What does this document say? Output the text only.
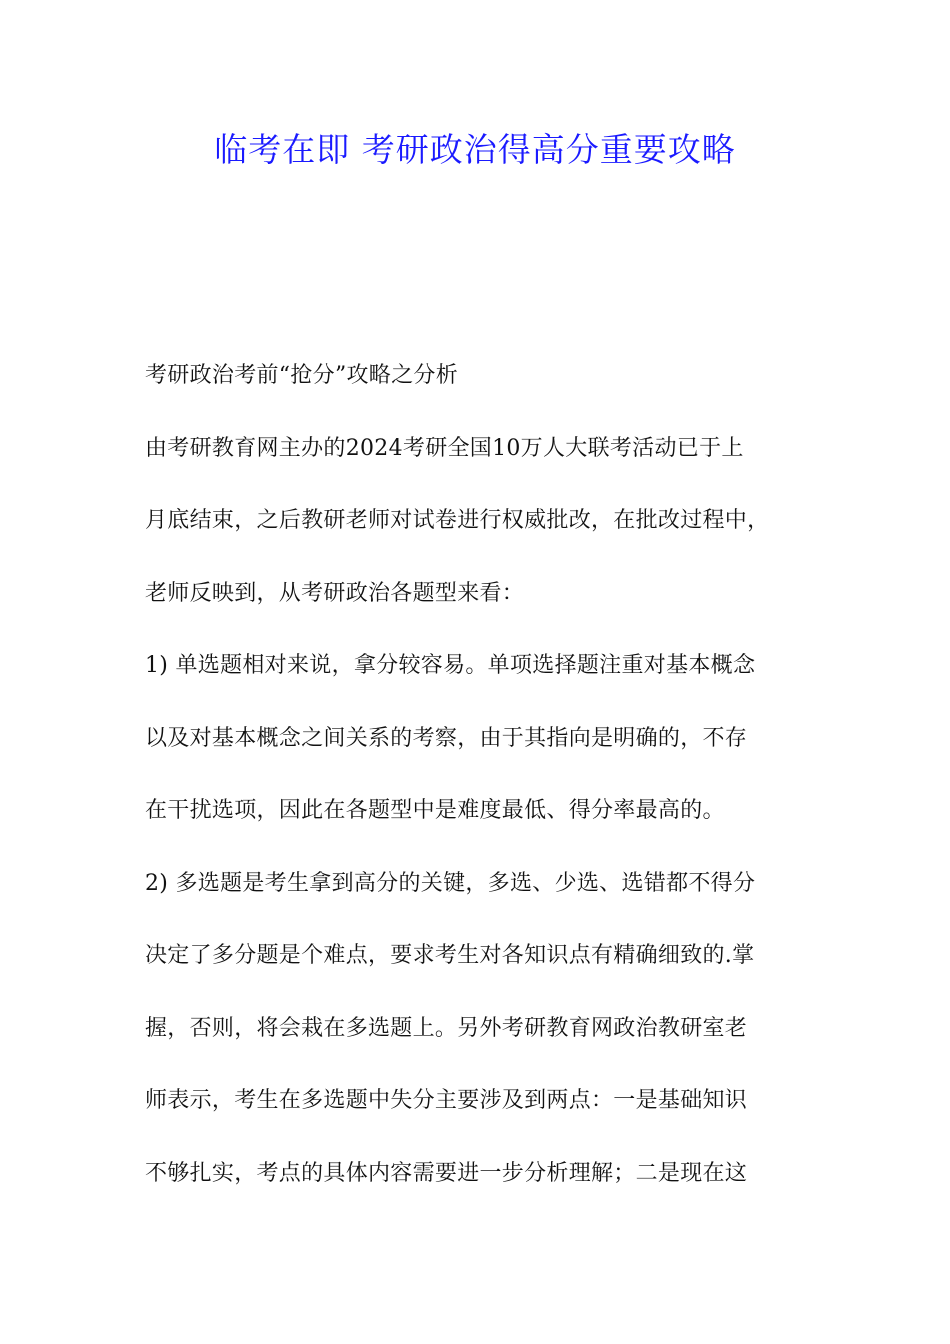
临考在即 考研政治得高分重要攻略
考研政治考前“抢分”攻略之分析
由考研教育网主办的2024考研全国10万人大联考活动已于上
月底结束，之后教研老师对试卷进行权威批改，在批改过程中，
老师反映到，从考研政治各题型来看：
1) 单选题相对来说，拿分较容易。单项选择题注重对基本概念
以及对基本概念之间关系的考察，由于其指向是明确的，不存
在干扰选项，因此在各题型中是难度最低、得分率最高的。
2) 多选题是考生拿到高分的关键，多选、少选、选错都不得分
决定了多分题是个难点，要求考生对各知识点有精确细致的.掌
握，否则，将会栽在多选题上。另外考研教育网政治教研室老
师表示，考生在多选题中失分主要涉及到两点：一是基础知识
不够扎实，考点的具体内容需要进一步分析理解；二是现在这
